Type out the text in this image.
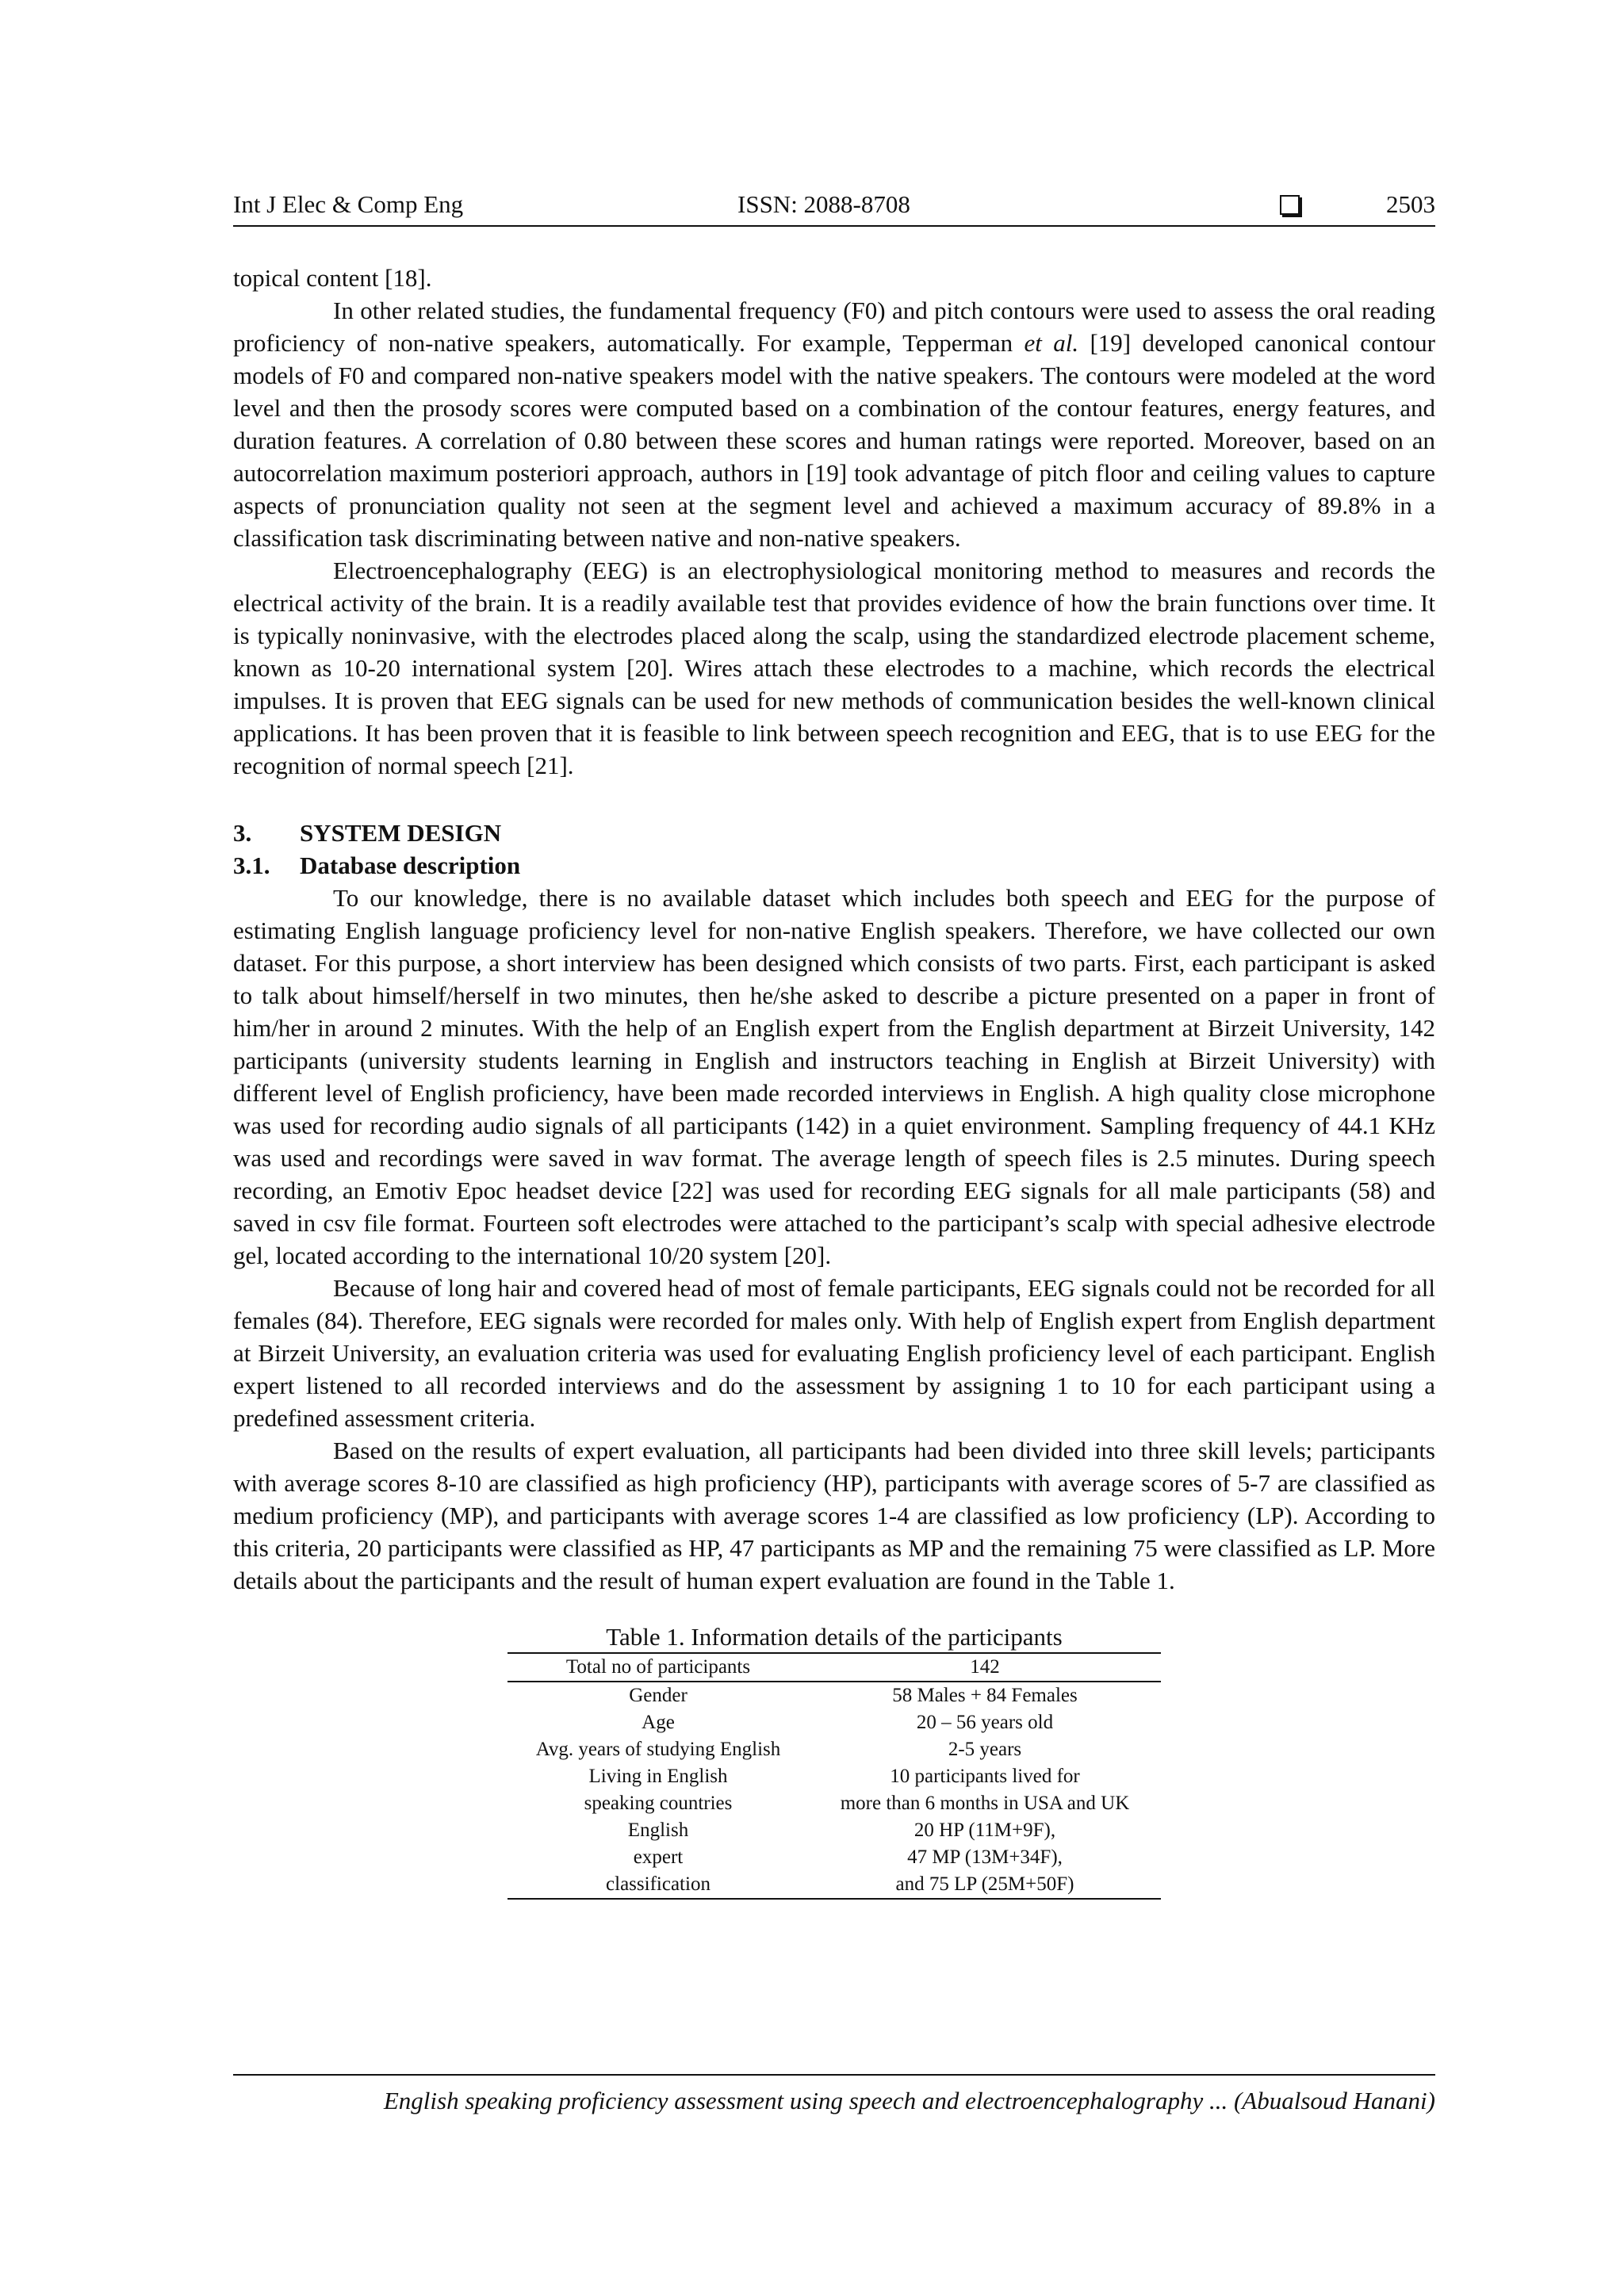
Int J Elec & Comp Eng	ISSN: 2088-8708	2503

topical content [18].

In other related studies, the fundamental frequency (F0) and pitch contours were used to assess the oral reading proficiency of non-native speakers, automatically. For example, Tepperman et al. [19] developed canonical contour models of F0 and compared non-native speakers model with the native speakers. The contours were modeled at the word level and then the prosody scores were computed based on a combination of the contour features, energy features, and duration features. A correlation of 0.80 between these scores and human ratings were reported. Moreover, based on an autocorrelation maximum posteriori approach, authors in [19] took advantage of pitch floor and ceiling values to capture aspects of pronunciation quality not seen at the segment level and achieved a maximum accuracy of 89.8% in a classification task discriminating between native and non-native speakers.

Electroencephalography (EEG) is an electrophysiological monitoring method to measures and records the electrical activity of the brain. It is a readily available test that provides evidence of how the brain functions over time. It is typically noninvasive, with the electrodes placed along the scalp, using the standardized electrode placement scheme, known as 10-20 international system [20]. Wires attach these electrodes to a machine, which records the electrical impulses. It is proven that EEG signals can be used for new methods of communication besides the well-known clinical applications. It has been proven that it is feasible to link between speech recognition and EEG, that is to use EEG for the recognition of normal speech [21].

3. SYSTEM DESIGN
3.1. Database description

To our knowledge, there is no available dataset which includes both speech and EEG for the purpose of estimating English language proficiency level for non-native English speakers. Therefore, we have collected our own dataset. For this purpose, a short interview has been designed which consists of two parts. First, each participant is asked to talk about himself/herself in two minutes, then he/she asked to describe a picture presented on a paper in front of him/her in around 2 minutes. With the help of an English expert from the English department at Birzeit University, 142 participants (university students learning in English and instructors teaching in English at Birzeit University) with different level of English proficiency, have been made recorded interviews in English. A high quality close microphone was used for recording audio signals of all participants (142) in a quiet environment. Sampling frequency of 44.1 KHz was used and recordings were saved in wav format. The average length of speech files is 2.5 minutes. During speech recording, an Emotiv Epoc headset device [22] was used for recording EEG signals for all male participants (58) and saved in csv file format. Fourteen soft electrodes were attached to the participant’s scalp with special adhesive electrode gel, located according to the international 10/20 system [20].

Because of long hair and covered head of most of female participants, EEG signals could not be recorded for all females (84). Therefore, EEG signals were recorded for males only. With help of English expert from English department at Birzeit University, an evaluation criteria was used for evaluating English proficiency level of each participant. English expert listened to all recorded interviews and do the assessment by assigning 1 to 10 for each participant using a predefined assessment criteria.

Based on the results of expert evaluation, all participants had been divided into three skill levels; participants with average scores 8-10 are classified as high proficiency (HP), participants with average scores of 5-7 are classified as medium proficiency (MP), and participants with average scores 1-4 are classified as low proficiency (LP). According to this criteria, 20 participants were classified as HP, 47 participants as MP and the remaining 75 were classified as LP. More details about the participants and the result of human expert evaluation are found in the Table 1.

Table 1. Information details of the participants
Total no of participants	142
Gender	58 Males + 84 Females
Age	20 – 56 years old
Avg. years of studying English	2-5 years
Living in English	10 participants lived for
speaking countries	more than 6 months in USA and UK
English	20 HP (11M+9F),
expert	47 MP (13M+34F),
classification	and 75 LP (25M+50F)
English speaking proficiency assessment using speech and electroencephalography ... (Abualsoud Hanani)
